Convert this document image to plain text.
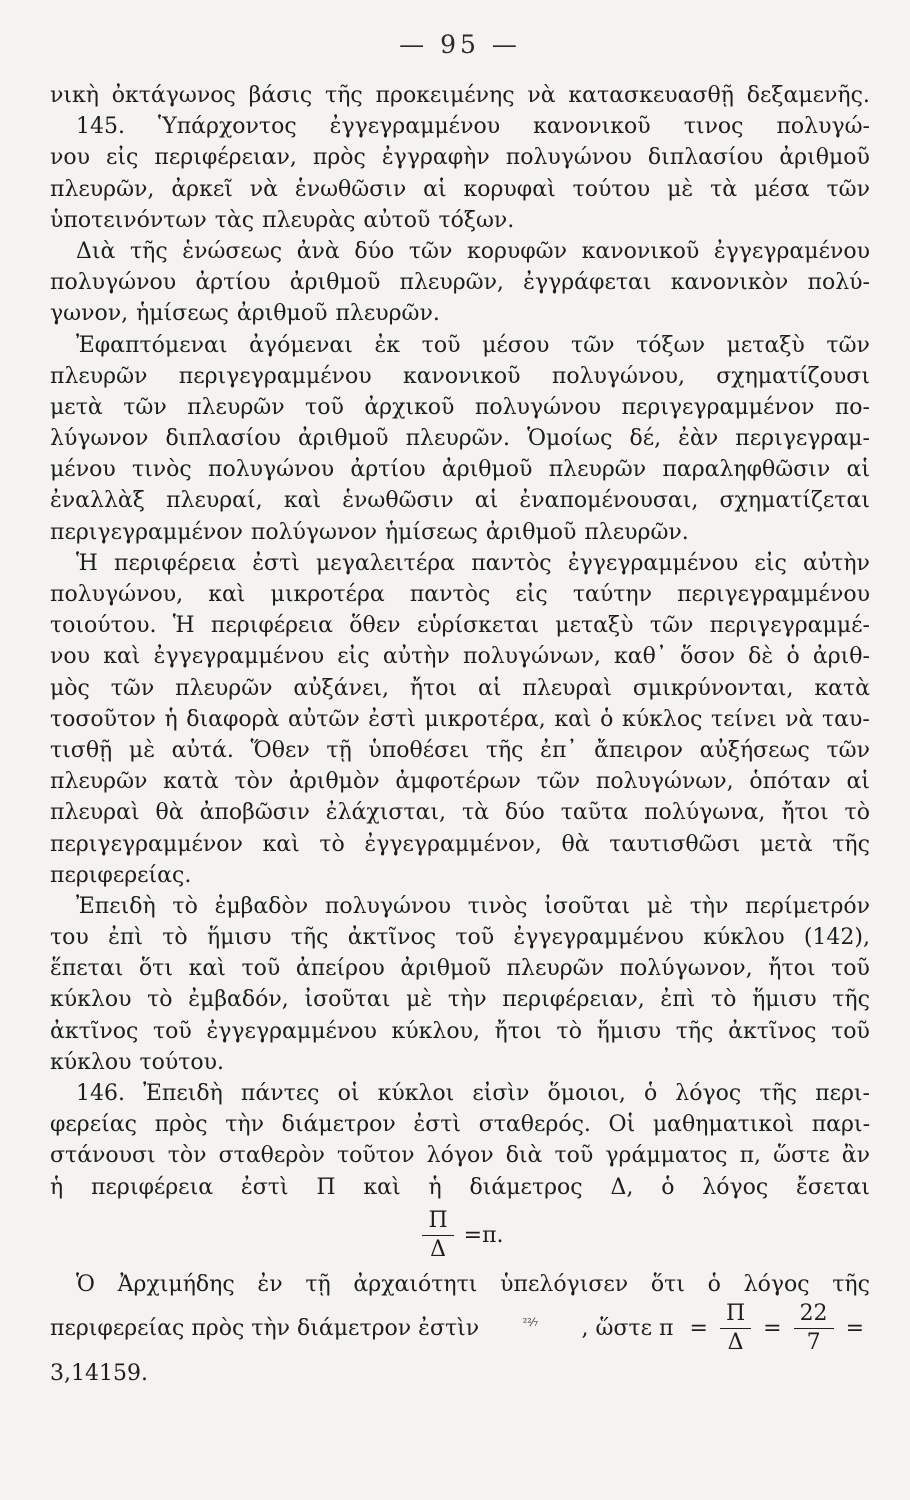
— 95 —
νικὴ ὀκτάγωνος βάσις τῆς προκειμένης νὰ κατασκευασθῇ δεξαμενῆς.
145. Ὑπάρχοντος ἐγγεγραμμένου κανονικοῦ τινος πολυγώ-
νου εἰς περιφέρειαν, πρὸς ἐγγραφὴν πολυγώνου διπλασίου ἀριθμοῦ
πλευρῶν, ἀρκεῖ νὰ ἑνωθῶσιν αἱ κορυφαὶ τούτου μὲ τὰ μέσα τῶν
ὑποτεινόντων τὰς πλευρὰς αὐτοῦ τόξων.
Διὰ τῆς ἑνώσεως ἀνὰ δύο τῶν κορυφῶν κανονικοῦ ἐγγεγραμένου
πολυγώνου ἀρτίου ἀριθμοῦ πλευρῶν, ἐγγράφεται κανονικὸν πολύ-
γωνον, ἡμίσεως ἀριθμοῦ πλευρῶν.
Ἐφαπτόμεναι ἀγόμεναι ἐκ τοῦ μέσου τῶν τόξων μεταξὺ τῶν
πλευρῶν περιγεγραμμένου κανονικοῦ πολυγώνου, σχηματίζουσι
μετὰ τῶν πλευρῶν τοῦ ἀρχικοῦ πολυγώνου περιγεγραμμένον πο-
λύγωνον διπλασίου ἀριθμοῦ πλευρῶν. Ὁμοίως δέ, ἐὰν περιγεγραμ-
μένου τινὸς πολυγώνου ἀρτίου ἀριθμοῦ πλευρῶν παραληφθῶσιν αἱ
ἐναλλὰξ πλευραί, καὶ ἑνωθῶσιν αἱ ἐναπομένουσαι, σχηματίζεται
περιγεγραμμένον πολύγωνον ἡμίσεως ἀριθμοῦ πλευρῶν.
Ἡ περιφέρεια ἐστὶ μεγαλειτέρα παντὸς ἐγγεγραμμένου εἰς αὐτὴν
πολυγώνου, καὶ μικροτέρα παντὸς εἰς ταύτην περιγεγραμμένου
τοιούτου. Ἡ περιφέρεια ὅθεν εὑρίσκεται μεταξὺ τῶν περιγεγραμμέ-
νου καὶ ἐγγεγραμμένου εἰς αὐτὴν πολυγώνων, καθ᾽ ὅσον δὲ ὁ ἀριθ-
μὸς τῶν πλευρῶν αὐξάνει, ἤτοι αἱ πλευραὶ σμικρύνονται, κατὰ
τοσοῦτον ἡ διαφορὰ αὐτῶν ἐστὶ μικροτέρα, καὶ ὁ κύκλος τείνει νὰ ταυ-
τισθῇ μὲ αὐτά. Ὅθεν τῇ ὑποθέσει τῆς ἐπ᾽ ἄπειρον αὐξήσεως τῶν
πλευρῶν κατὰ τὸν ἀριθμὸν ἀμφοτέρων τῶν πολυγώνων, ὁπόταν αἱ
πλευραὶ θὰ ἀποβῶσιν ἐλάχισται, τὰ δύο ταῦτα πολύγωνα, ἤτοι τὸ
περιγεγραμμένον καὶ τὸ ἐγγεγραμμένον, θὰ ταυτισθῶσι μετὰ τῆς
περιφερείας.
Ἐπειδὴ τὸ ἐμβαδὸν πολυγώνου τινὸς ἰσοῦται μὲ τὴν περίμετρόν
του ἐπὶ τὸ ἥμισυ τῆς ἀκτῖνος τοῦ ἐγγεγραμμένου κύκλου (142),
ἕπεται ὅτι καὶ τοῦ ἀπείρου ἀριθμοῦ πλευρῶν πολύγωνον, ἤτοι τοῦ
κύκλου τὸ ἐμβαδόν, ἰσοῦται μὲ τὴν περιφέρειαν, ἐπὶ τὸ ἥμισυ τῆς
ἀκτῖνος τοῦ ἐγγεγραμμένου κύκλου, ἤτοι τὸ ἥμισυ τῆς ἀκτῖνος τοῦ
κύκλου τούτου.
146. Ἐπειδὴ πάντες οἱ κύκλοι εἰσὶν ὅμοιοι, ὁ λόγος τῆς περι-
φερείας πρὸς τὴν διάμετρον ἐστὶ σταθερός. Οἱ μαθηματικοὶ παρι-
στάνουσι τὸν σταθερὸν τοῦτον λόγον διὰ τοῦ γράμματος π, ὥστε ἂν
ἡ περιφέρεια ἐστὶ Π καὶ ἡ διάμετρος Δ, ὁ λόγος ἔσεται
$\frac{\Pi}{\Delta} =\pi$.
Ὁ Ἀρχιμήδης ἐν τῇ ἀρχαιότητι ὑπελόγισεν ὅτι ὁ λόγος τῆς
περιφερείας πρὸς τὴν διάμετρον ἐστὶν	²²⁄₇ , ὥστε $\pi = \frac{\Pi}{\Delta} = \frac{22}{7}$ =
3,14159.
